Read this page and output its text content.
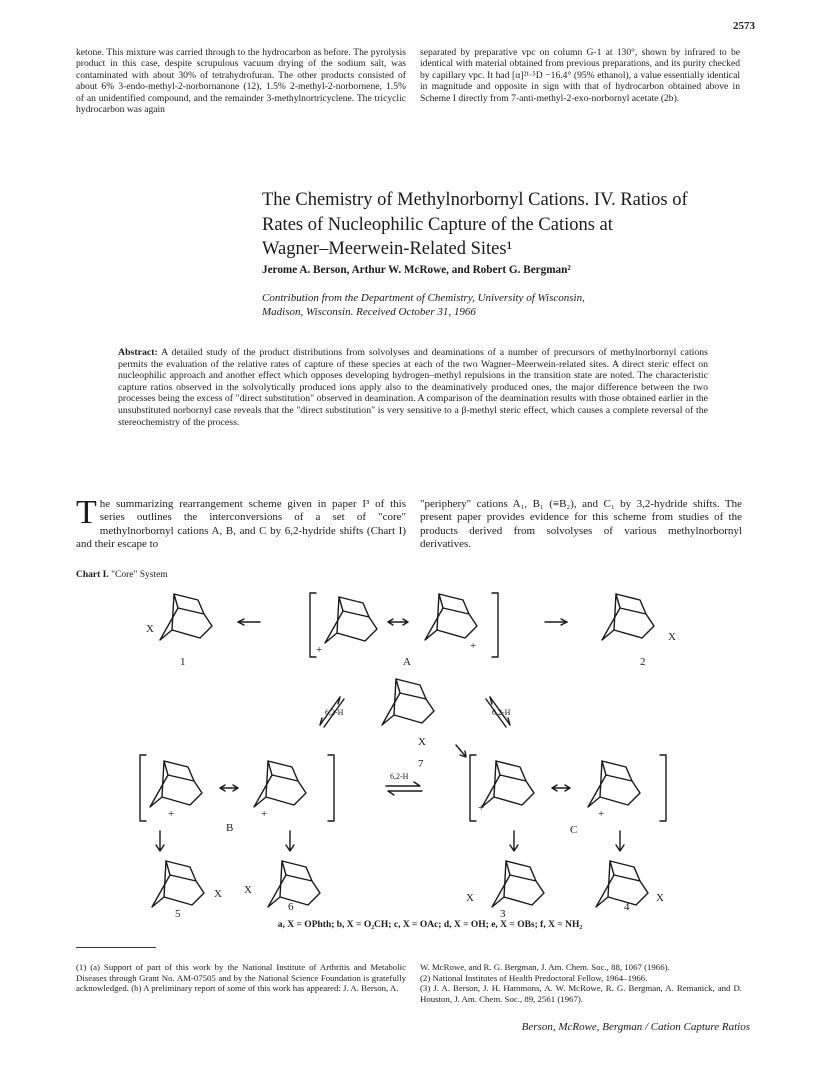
2573

ketone. This mixture was carried through to the hydrocarbon as before. The pyrolysis product in this case, despite scrupulous vacuum drying of the sodium salt, was contaminated with about 30% of tetrahydrofuran. The other products consisted of about 6% 3-endo-methyl-2-norbornanone (12), 1.5% 2-methyl-2-norbornene, 1.5% of an unidentified compound, and the remainder 3-methylnortricyclene. The tricyclic hydrocarbon was again

separated by preparative vpc on column G-1 at 130°, shown by infrared to be identical with material obtained from previous preparations, and its purity checked by capillary vpc. It had [α]²¹·⁵D −16.4° (95% ethanol), a value essentially identical in magnitude and opposite in sign with that of hydrocarbon obtained above in Scheme I directly from 7-anti-methyl-2-exo-norbornyl acetate (2b).

The Chemistry of Methylnorbornyl Cations. IV. Ratios of
Rates of Nucleophilic Capture of the Cations at
Wagner–Meerwein-Related Sites¹
Jerome A. Berson, Arthur W. McRowe, and Robert G. Bergman²
Contribution from the Department of Chemistry, University of Wisconsin,
Madison, Wisconsin. Received October 31, 1966
Abstract: A detailed study of the product distributions from solvolyses and deaminations of a number of precursors of methylnorbornyl cations permits the evaluation of the relative rates of capture of these species at each of the two Wagner–Meerwein-related sites. A direct steric effect on nucleophilic approach and another effect which opposes developing hydrogen–methyl repulsions in the transition state are noted. The characteristic capture ratios observed in the solvolytically produced ions apply also to the deaminatively produced ones, the major difference between the two processes being the excess of "direct substitution" observed in deamination. A comparison of the deamination results with those obtained earlier in the unsubstituted norbornyl case reveals that the "direct substitution" is very sensitive to a β-methyl steric effect, which causes a complete reversal of the stereochemistry of the process.
T he summarizing rearrangement scheme given in paper I³ of this series outlines the interconversions of a set of "core" methylnorbornyl cations A, B, and C by 6,2-hydride shifts (Chart I) and their escape to
"periphery" cations A₁, B₁ (≡B₂), and C₁ by 3,2-hydride shifts. The present paper provides evidence for this scheme from studies of the products derived from solvolyses of various methylnorbornyl derivatives.
Chart I. "Core" System
X
1
+	+
A
X
2
6,2-H
X
7
6,2-H
+	+
B
6,2-H
+	+
C
X
5
X
6
X
3
X
4
a, X = OPhth; b, X = O₂CH; c, X = OAc; d, X = OH; e, X = OBs; f, X = NH₂
(1) (a) Support of part of this work by the National Institute of Arthritis and Metabolic Diseases through Grant No. AM-07505 and by the National Science Foundation is gratefully acknowledged. (b) A preliminary report of some of this work has appeared: J. A. Berson, A.
W. McRowe, and R. G. Bergman, J. Am. Chem. Soc., 88, 1067 (1966).
(2) National Institutes of Health Predoctoral Fellow, 1964–1966.
(3) J. A. Berson, J. H. Hammons, A. W. McRowe, R. G. Bergman, A. Remanick, and D. Houston, J. Am. Chem. Soc., 89, 2561 (1967).
Berson, McRowe, Bergman / Cation Capture Ratios
